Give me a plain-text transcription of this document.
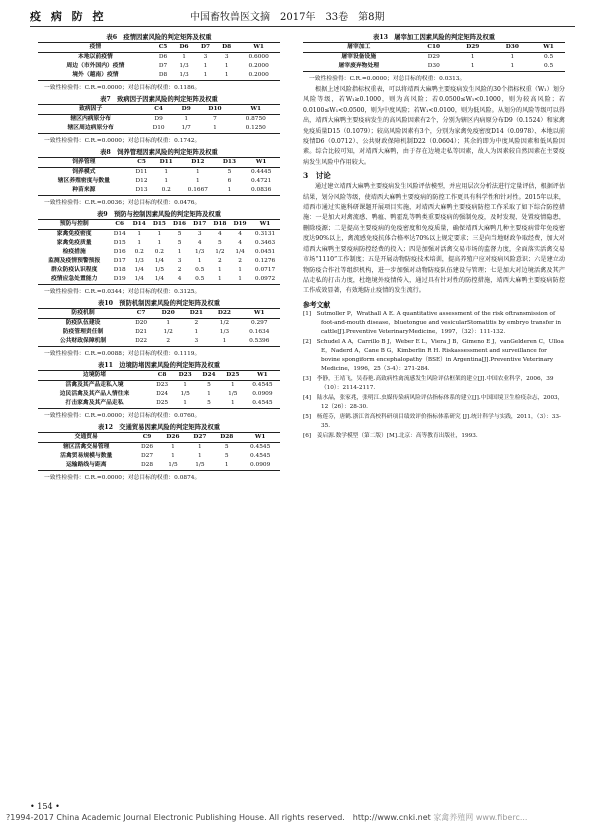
疫 病 防 控	中国畜牧兽医文摘　2017年　33卷　第8期
表6　疫情因素风险的判定矩阵及权重
疫情	C5	D6	D7	D8	W1
本地以前疫情	D6	1	3	3	0.6000
周边（市外国内）疫情	D7	1/3	1	1	0.2000
境外（越南）疫情	D8	1/3	1	1	0.2000
一致性检验得：C.R.=0.0000；对总目标的权重：0.1186。
表7　致病因子因素风险的判定矩阵及权重
致病因子	C4	D9	D10	W1
辖区内病原分布	D9	1	7	0.8750
辖区周边病原分布	D10	1/7	1	0.1250
一致性检验得：C.R.=0.0000；对总目标的权重：0.1742。
表8　饲养管理因素风险的判定矩阵及权重
饲养管理	C5	D11	D12	D13	W1
饲养模式	D11	1	1	5	0.4445
辖区养殖密度与数量	D12	1	1	6	0.4721
种苗来源	D13	0.2	0.1667	1	0.0836
一致性检验得：C.R.=0.0036；对总目标的权重：0.0476。
表9　预防与控制因素风险的判定矩阵及权重
预防与控制	C6	D14	D15	D16	D17	D18	D19	W1
家禽免疫密度	D14	1	1	5	3	4	4	0.3131
家禽免疫质量	D15	1	1	5	4	5	4	0.3463
检疫措施	D16	0.2	0.2	1	1/3	1/2	1/4	0.0451
监测及疫情预警预报	D17	1/3	1/4	3	1	2	2	0.1276
群众防疫认识程度	D18	1/4	1/5	2	0.5	1	1	0.0717
疫情应急处置能力	D19	1/4	1/4	4	0.5	1	1	0.0972
一致性检验得：C.R.=0.0344；对总目标的权重：0.3125。
表10　预防机制因素风险的判定矩阵及权重
防疫机制	C7	D20	D21	D22	W1
防疫队伍建设	D20	1	2	1/2	0.297
防疫管理责任制	D21	1/2	1	1/3	0.1634
公共财政保障机制	D22	2	3	1	0.5396
一致性检验得：C.R.=0.0088；对总目标的权重：0.1119。
表11　边境防堵因素风险的判定矩阵及权重
边境防堵	C8	D23	D24	D25	W1
活禽及其产品走私入境	D23	1	5	1	0.4545
边民活禽及其产品人情往来	D24	1/5	1	1/5	0.0909
打击家禽及其产品走私	D25	1	5	1	0.4545
一致性检验得：C.R.=0.0000；对总目标的权重：0.0760。
表12　交通贸易因素风险的判定矩阵及权重
交通贸易	C9	D26	D27	D28	W1
辖区活禽交易管理	D26	1	1	5	0.4545
活禽贸易规模与数量	D27	1	1	5	0.4545
运输路线与距离	D28	1/5	1/5	1	0.0909
一致性检验得：C.R.=0.0000；对总目标的权重：0.0874。
表13　屠宰加工因素风险的判定矩阵及权重
屠宰加工	C10	D29	D30	W1
屠宰设备设施	D29	1	1	0.5
屠宰废弃物处理	D30	1	1	0.5
一致性检验得：C.R.=0.0000；对总目标的权重：0.0313。

根据上述风险指标权重表，可以将靖西大麻鸭主要疫病发生风险的30个指标权重（W₁）划分风险等级，若W₁≥0.1000，则为高风险；若0.0500≤W₁<0.1000，则为较高风险；若0.0100≤W₁<0.0500，则为中度风险；若W₁<0.0100，则为低风险。从划分的风险等级可以得出，靖西大麻鸭主要疫病发生的高风险因素有2个，分别为辖区内病原分布D9（0.1524）和家禽免疫质量D15（0.1079）；较高风险因素有3个，分别为家禽免疫密度D14（0.0978）、本地以前疫情D6（0.0712）、公共财政保障机制D22（0.0604）；其余的即为中度风险因素和低风险因素。综合比较可知，对靖西大麻鸭，由于存在边境走私等因素，故人为因素较自然因素在主要疫病发生风险中作用较大。

3　讨论

通过建立靖西大麻鸭主要疫病发生风险评估模型，并应用层次分析法进行定量评估，根据评估结果，划分风险等级，使靖西大麻鸭主要疫病的防控工作更具有科学性和针对性。2015年以来，靖西市通过实施科研课题开展项目实施，对靖西大麻鸭主要疫病防控工作采取了如下综合防控措施：一是加大对禽流感、鸭瘟、鸭霍乱等鸭类重要疫病的强制免疫，及时发现、处置疫情隐患，删除疫源；二是提高主要疫病的免疫密度和免疫质量，确保靖西大麻鸭几种主要疫病常年免疫密度达90%以上，禽流感免疫抗体合格率达70%以上规定要求；三是向当地财政争取经费，加大对靖西大麻鸭主要疫病防控经费的投入；四是加强对活禽交易市场的监督力度，全面落实活禽交易市场“1110”工作制度；五是开展动物防疫技术培训，提高养殖户应对疫病风险意识；六是建立动物防疫合作社等组织机构，进一步加强对动物防疫队伍建设与管理；七是加大对边境活禽及其产品走私的打击力度，杜绝境外疫情传入，通过具有针对性的防控措施，靖西大麻鸭主要疫病防控工作成效显著，有效地防止疫情的发生流行。

参考文献
[1]　Sutmoller P，Wrathall A E. A quantitative assessment of the risk oftransmission of foot-and-mouth disease，bluetongue and vesicularStomatitis by embryo transfer in cattle[J].Preventive VeterinaryMedicine，1997，（32）：111-132.
[2]　Schudel A A，Carrillo B J，Weber E L，Viera J B，Gimeno E J，vanGelderen C，Ulloa E，Naderd A，Cane B G，Kimberlin R H. Riskassessment and surveillance for bovine spongiform encephalopathy（BSE）in Argentina[J].Preventive Veterinary Medicine，1996，25（3-4）：271-284.
[3]　李静，王靖飞，吴春艳.高致病性禽流感发生风险评估框架的建立[J].中国农业科学，2006，39（10）：2114-2117.
[4]　陆水晶，张家兆，张明江.虫媒传染病风险评估指标体系的建立[J].中国国境卫生检疫杂志，2003，12（26）：28-30.
[5]　杨莲芬，唐鹤.浙江省高校科研项目绩效评价指标体系研究 [J].统计科学与实践，2011，（3）：33-35.
[6]　姜启源.数学模型（第二版）[M].北京：高等教育出版社，1993.
• 154 •
?1994-2017 China Academic Journal Electronic Publishing House. All rights reserved.　http://www.cnki.net 家禽养殖网 www.fiberc...
